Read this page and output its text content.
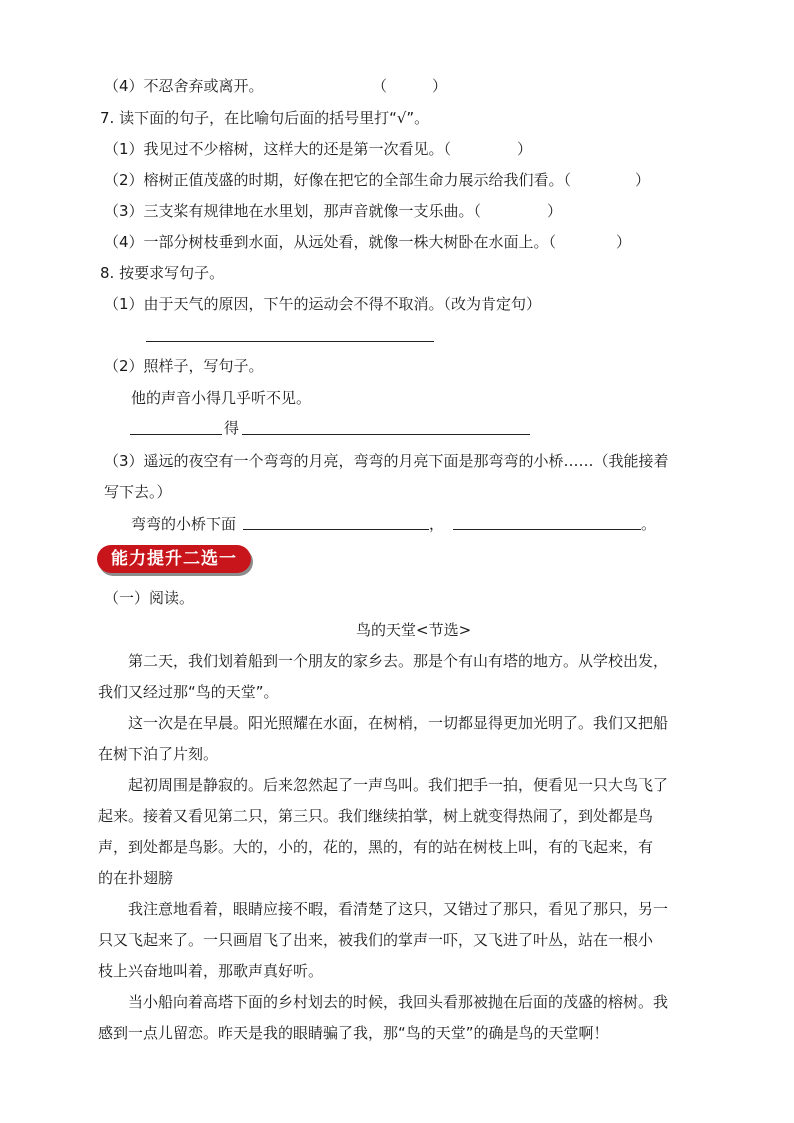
（4）不忍舍弃或离开。	（　　　）
7. 读下面的句子，在比喻句后面的括号里打“√”。
（1）我见过不少榕树，这样大的还是第一次看见。（	）
（2）榕树正值茂盛的时期，好像在把它的全部生命力展示给我们看。（	）
（3）三支桨有规律地在水里划，那声音就像一支乐曲。（	）
（4）一部分树枝垂到水面，从远处看，就像一株大树卧在水面上。（	）
8. 按要求写句子。
（1）由于天气的原因，下午的运动会不得不取消。（改为肯定句）
（2）照样子，写句子。
他的声音小得几乎听不见。
得
（3）遥远的夜空有一个弯弯的月亮，弯弯的月亮下面是那弯弯的小桥……（我能接着
写下去。）
弯弯的小桥下面	，	。
能力提升二选一
（一）阅读。
鸟的天堂<节选>
第二天，我们划着船到一个朋友的家乡去。那是个有山有塔的地方。从学校出发，
我们又经过那“鸟的天堂”。
这一次是在早晨。阳光照耀在水面，在树梢，一切都显得更加光明了。我们又把船
在树下泊了片刻。
起初周围是静寂的。后来忽然起了一声鸟叫。我们把手一拍，便看见一只大鸟飞了
起来。接着又看见第二只，第三只。我们继续拍掌，树上就变得热闹了，到处都是鸟
声，到处都是鸟影。大的，小的，花的，黑的，有的站在树枝上叫，有的飞起来，有
的在扑翅膀
我注意地看着，眼睛应接不暇，看清楚了这只，又错过了那只，看见了那只，另一
只又飞起来了。一只画眉飞了出来，被我们的掌声一吓，又飞进了叶丛，站在一根小
枝上兴奋地叫着，那歌声真好听。
当小船向着高塔下面的乡村划去的时候，我回头看那被抛在后面的茂盛的榕树。我
感到一点儿留恋。昨天是我的眼睛骗了我，那“鸟的天堂”的确是鸟的天堂啊！
